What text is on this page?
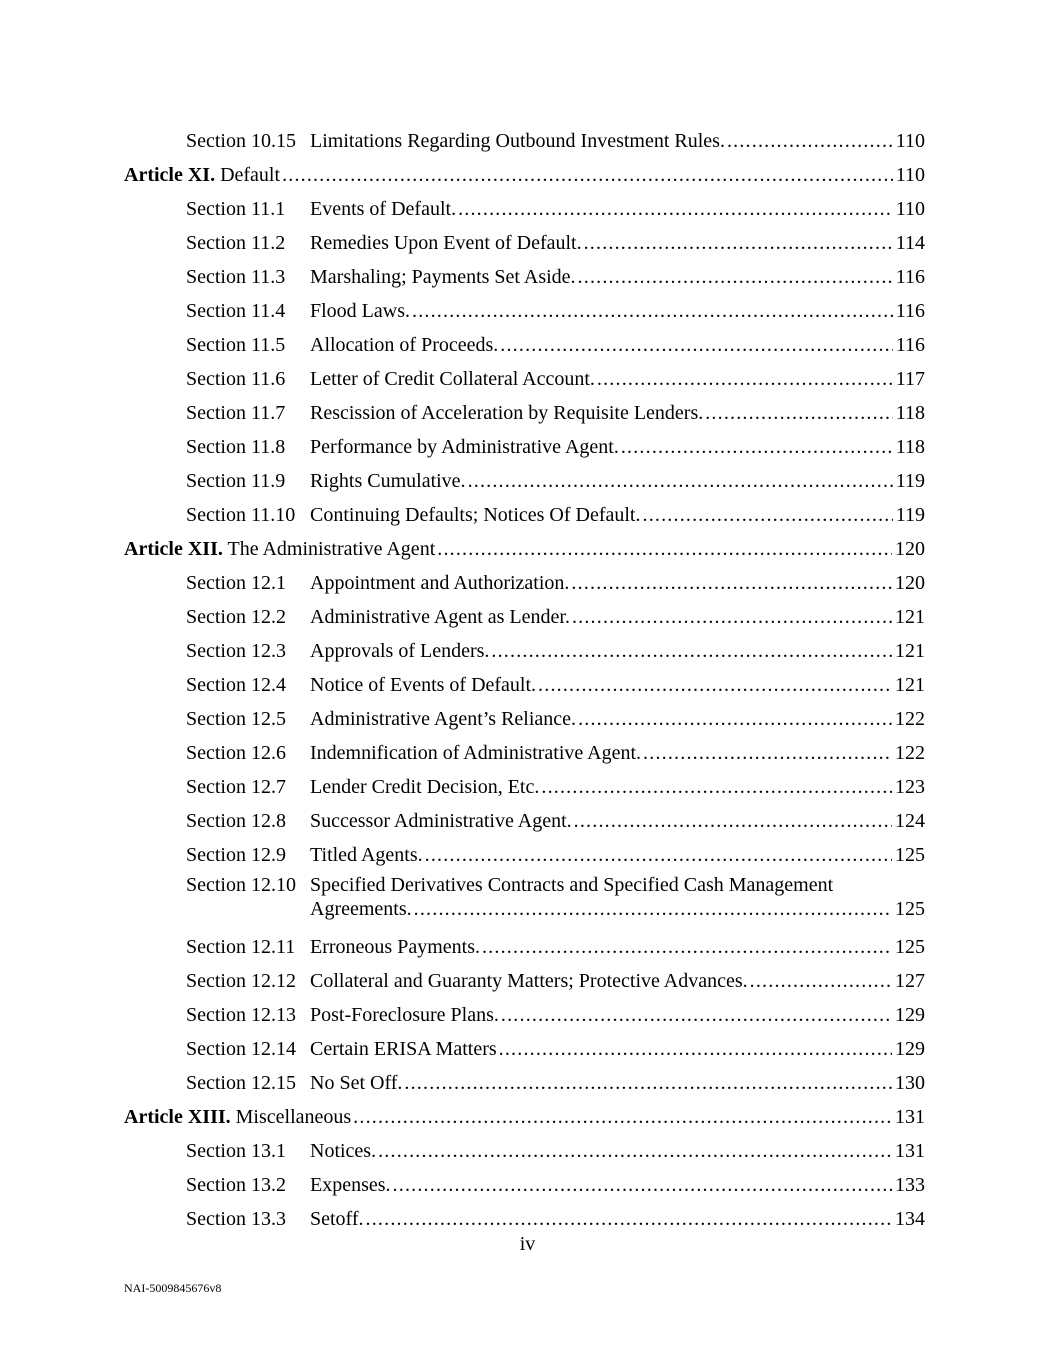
Section 10.15 Limitations Regarding Outbound Investment Rules. .....	110
Article XI. Default .....	110
Section 11.1	Events of Default. .....	110
Section 11.2	Remedies Upon Event of Default. .....	114
Section 11.3	Marshaling; Payments Set Aside. .....	116
Section 11.4	Flood Laws. .....	116
Section 11.5	Allocation of Proceeds. .....	116
Section 11.6	Letter of Credit Collateral Account. .....	117
Section 11.7	Rescission of Acceleration by Requisite Lenders. .....	118
Section 11.8	Performance by Administrative Agent. .....	118
Section 11.9	Rights Cumulative. .....	119
Section 11.10 Continuing Defaults; Notices Of Default. .....	119
Article XII. The Administrative Agent .....	120
Section 12.1	Appointment and Authorization. .....	120
Section 12.2	Administrative Agent as Lender. .....	121
Section 12.3	Approvals of Lenders. .....	121
Section 12.4	Notice of Events of Default. .....	121
Section 12.5	Administrative Agent’s Reliance. .....	122
Section 12.6	Indemnification of Administrative Agent. .....	122
Section 12.7	Lender Credit Decision, Etc. .....	123
Section 12.8	Successor Administrative Agent. .....	124
Section 12.9	Titled Agents. .....	125
Section 12.10 Specified Derivatives Contracts and Specified Cash Management
Agreements. .....	125
Section 12.11 Erroneous Payments. .....	125
Section 12.12 Collateral and Guaranty Matters; Protective Advances. .....	127
Section 12.13 Post-Foreclosure Plans. .....	129
Section 12.14 Certain ERISA Matters .....	129
Section 12.15 No Set Off. .....	130
Article XIII. Miscellaneous .....	131
Section 13.1	Notices. .....	131
Section 13.2	Expenses. .....	133
Section 13.3	Setoff. .....	134
iv
NAI-5009845676v8
